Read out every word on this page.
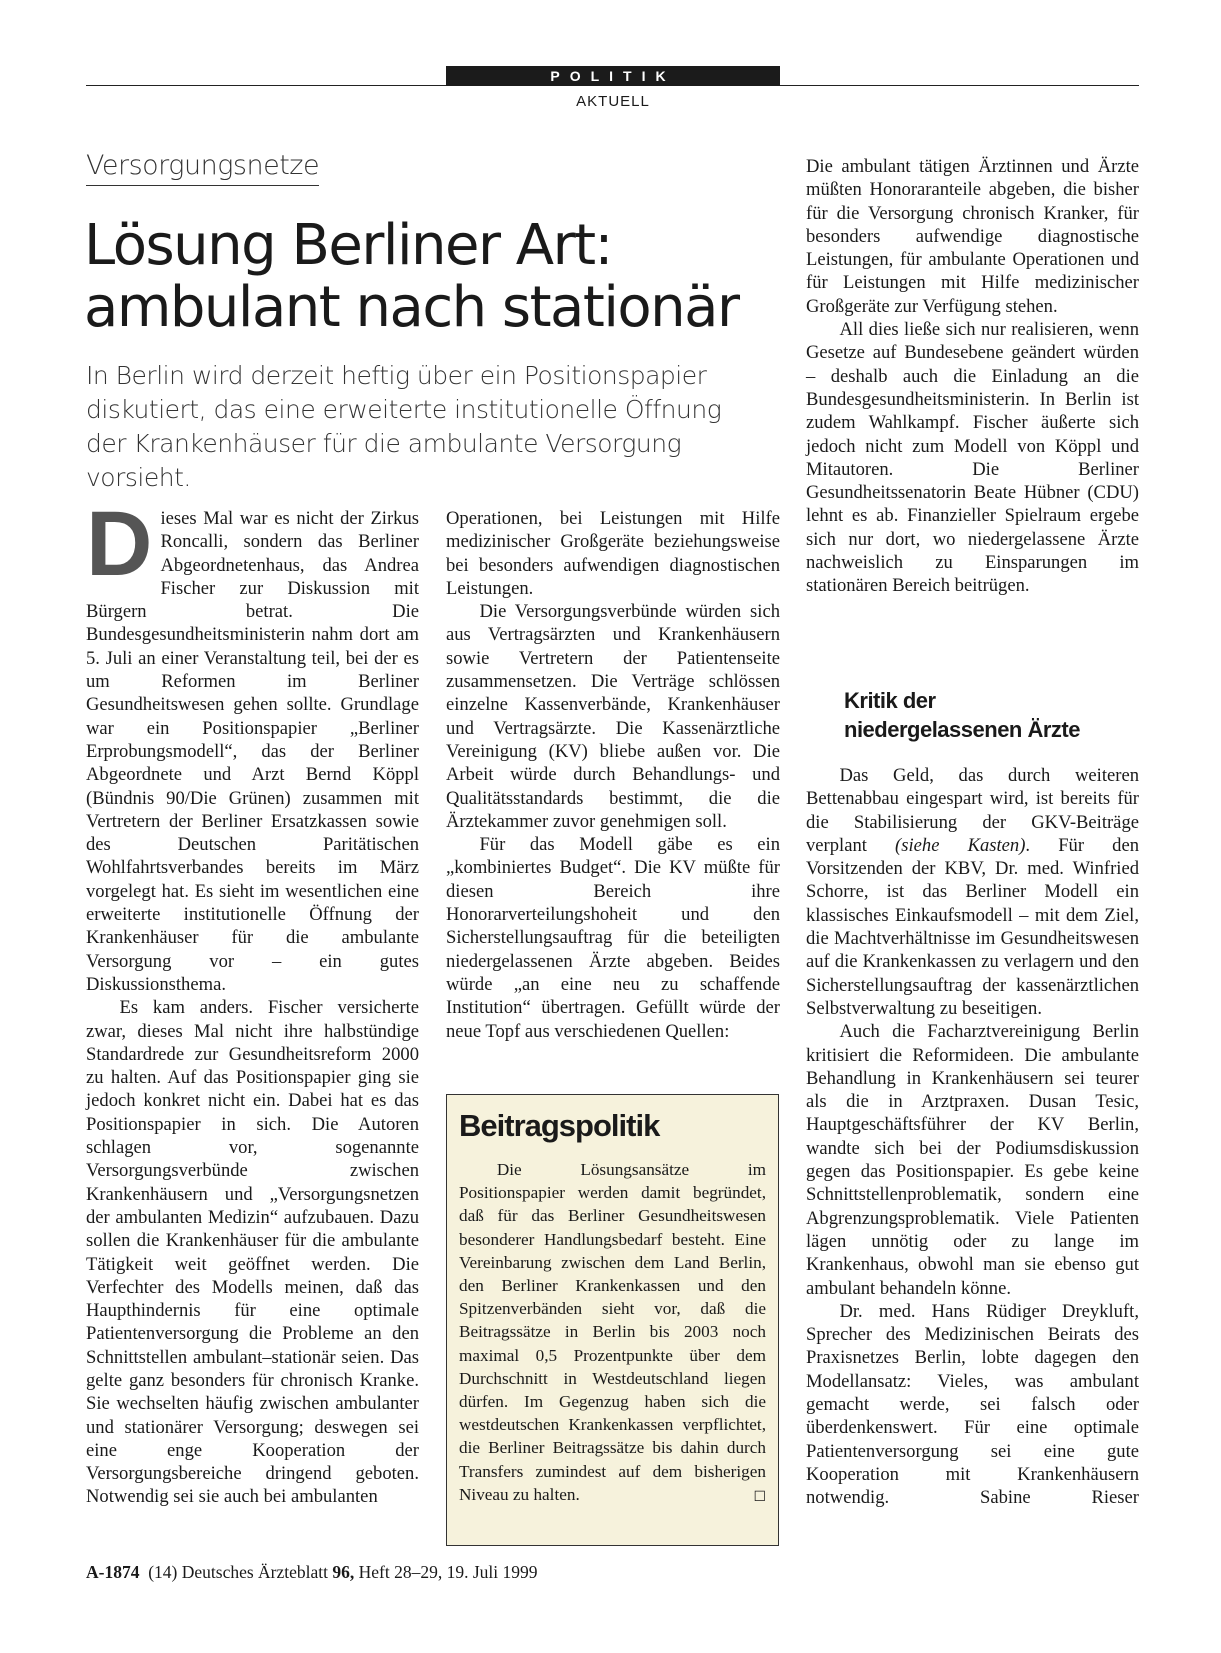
POLITIK
AKTUELL
Versorgungsnetze
Lösung Berliner Art:
ambulant nach stationär
In Berlin wird derzeit heftig über ein Positionspapier diskutiert, das eine erweiterte institutionelle Öffnung der Krankenhäuser für die ambulante Versorgung vorsieht.

Dieses Mal war es nicht der Zirkus Roncalli, sondern das Berliner Abgeordnetenhaus, das Andrea Fischer zur Diskussion mit Bürgern betrat. Die Bundesgesundheitsministerin nahm dort am 5. Juli an einer Veranstaltung teil, bei der es um Reformen im Berliner Gesundheitswesen gehen sollte. Grundlage war ein Positionspapier „Berliner Erprobungsmodell“, das der Berliner Abgeordnete und Arzt Bernd Köppl (Bündnis 90/Die Grünen) zusammen mit Vertretern der Berliner Ersatzkassen sowie des Deutschen Paritätischen Wohlfahrtsverbandes bereits im März vorgelegt hat. Es sieht im wesentlichen eine erweiterte institutionelle Öffnung der Krankenhäuser für die ambulante Versorgung vor – ein gutes Diskussionsthema.

Es kam anders. Fischer versicherte zwar, dieses Mal nicht ihre halbstündige Standardrede zur Gesundheitsreform 2000 zu halten. Auf das Positionspapier ging sie jedoch konkret nicht ein. Dabei hat es das Positionspapier in sich. Die Autoren schlagen vor, sogenannte Versorgungsverbünde zwischen Krankenhäusern und „Versorgungsnetzen der ambulanten Medizin“ aufzubauen. Dazu sollen die Krankenhäuser für die ambulante Tätigkeit weit geöffnet werden. Die Verfechter des Modells meinen, daß das Haupthindernis für eine optimale Patientenversorgung die Probleme an den Schnittstellen ambulant–stationär seien. Das gelte ganz besonders für chronisch Kranke. Sie wechselten häufig zwischen ambulanter und stationärer Versorgung; deswegen sei eine enge Kooperation der Versorgungsbereiche dringend geboten. Notwendig sei sie auch bei ambulanten

Operationen, bei Leistungen mit Hilfe medizinischer Großgeräte beziehungsweise bei besonders aufwendigen diagnostischen Leistungen.

Die Versorgungsverbünde würden sich aus Vertragsärzten und Krankenhäusern sowie Vertretern der Patientenseite zusammensetzen. Die Verträge schlössen einzelne Kassenverbände, Krankenhäuser und Vertragsärzte. Die Kassenärztliche Vereinigung (KV) bliebe außen vor. Die Arbeit würde durch Behandlungs- und Qualitätsstandards bestimmt, die die Ärztekammer zuvor genehmigen soll.

Für das Modell gäbe es ein „kombiniertes Budget“. Die KV müßte für diesen Bereich ihre Honorarverteilungshoheit und den Sicherstellungsauftrag für die beteiligten niedergelassenen Ärzte abgeben. Beides würde „an eine neu zu schaffende Institution“ übertragen. Gefüllt würde der neue Topf aus verschiedenen Quellen:

Beitragspolitik
Die Lösungsansätze im Positionspapier werden damit begründet, daß für das Berliner Gesundheitswesen besonderer Handlungsbedarf besteht. Eine Vereinbarung zwischen dem Land Berlin, den Berliner Krankenkassen und den Spitzenverbänden sieht vor, daß die Beitragssätze in Berlin bis 2003 noch maximal 0,5 Prozentpunkte über dem Durchschnitt in Westdeutschland liegen dürfen. Im Gegenzug haben sich die westdeutschen Krankenkassen verpflichtet, die Berliner Beitragssätze bis dahin durch Transfers zumindest auf dem bisherigen Niveau zu halten.	☐

Die ambulant tätigen Ärztinnen und Ärzte müßten Honoraranteile abgeben, die bisher für die Versorgung chronisch Kranker, für besonders aufwendige diagnostische Leistungen, für ambulante Operationen und für Leistungen mit Hilfe medizinischer Großgeräte zur Verfügung stehen.

All dies ließe sich nur realisieren, wenn Gesetze auf Bundesebene geändert würden – deshalb auch die Einladung an die Bundesgesundheitsministerin. In Berlin ist zudem Wahlkampf. Fischer äußerte sich jedoch nicht zum Modell von Köppl und Mitautoren. Die Berliner Gesundheitssenatorin Beate Hübner (CDU) lehnt es ab. Finanzieller Spielraum ergebe sich nur dort, wo niedergelassene Ärzte nachweislich zu Einsparungen im stationären Bereich beitrügen.

Kritik der
niedergelassenen Ärzte

Das Geld, das durch weiteren Bettenabbau eingespart wird, ist bereits für die Stabilisierung der GKV-Beiträge verplant (siehe Kasten). Für den Vorsitzenden der KBV, Dr. med. Winfried Schorre, ist das Berliner Modell ein klassisches Einkaufsmodell – mit dem Ziel, die Machtverhältnisse im Gesundheitswesen auf die Krankenkassen zu verlagern und den Sicherstellungsauftrag der kassenärztlichen Selbstverwaltung zu beseitigen.

Auch die Facharztvereinigung Berlin kritisiert die Reformideen. Die ambulante Behandlung in Krankenhäusern sei teurer als die in Arztpraxen. Dusan Tesic, Hauptgeschäftsführer der KV Berlin, wandte sich bei der Podiumsdiskussion gegen das Positionspapier. Es gebe keine Schnittstellenproblematik, sondern eine Abgrenzungsproblematik. Viele Patienten lägen unnötig oder zu lange im Krankenhaus, obwohl man sie ebenso gut ambulant behandeln könne.

Dr. med. Hans Rüdiger Dreykluft, Sprecher des Medizinischen Beirats des Praxisnetzes Berlin, lobte dagegen den Modellansatz: Vieles, was ambulant gemacht werde, sei falsch oder überdenkenswert. Für eine optimale Patientenversorgung sei eine gute Kooperation mit Krankenhäusern notwendig.	Sabine Rieser

A-1874 (14) Deutsches Ärzteblatt 96, Heft 28–29, 19. Juli 1999
